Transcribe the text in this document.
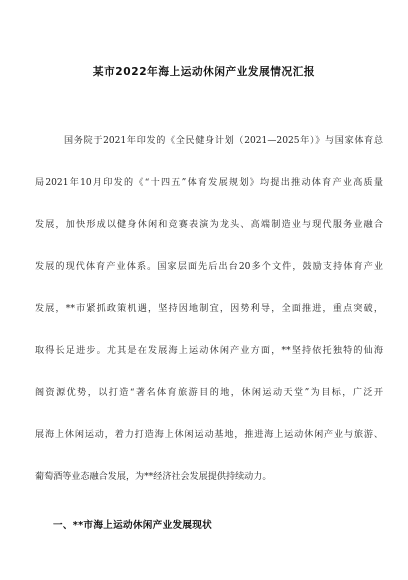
某市2022年海上运动休闲产业发展情况汇报
国务院于2021年印发的《全民健身计划（2021—2025年）》与国家体育总
局2021年10月印发的《“十四五”体育发展规划》均提出推动体育产业高质量
发展，加快形成以健身休闲和竞赛表演为龙头、高端制造业与现代服务业融合
发展的现代体育产业体系。国家层面先后出台20多个文件，鼓励支持体育产业
发展，**市紧抓政策机遇，坚持因地制宜，因势利导，全面推进，重点突破，
取得长足进步。尤其是在发展海上运动休闲产业方面，**坚持依托独特的仙海
阁资源优势，以打造“著名体育旅游目的地，休闲运动天堂”为目标，广泛开
展海上休闲运动，着力打造海上休闲运动基地，推进海上运动休闲产业与旅游、
葡萄酒等业态融合发展，为**经济社会发展提供持续动力。
一、**市海上运动休闲产业发展现状
